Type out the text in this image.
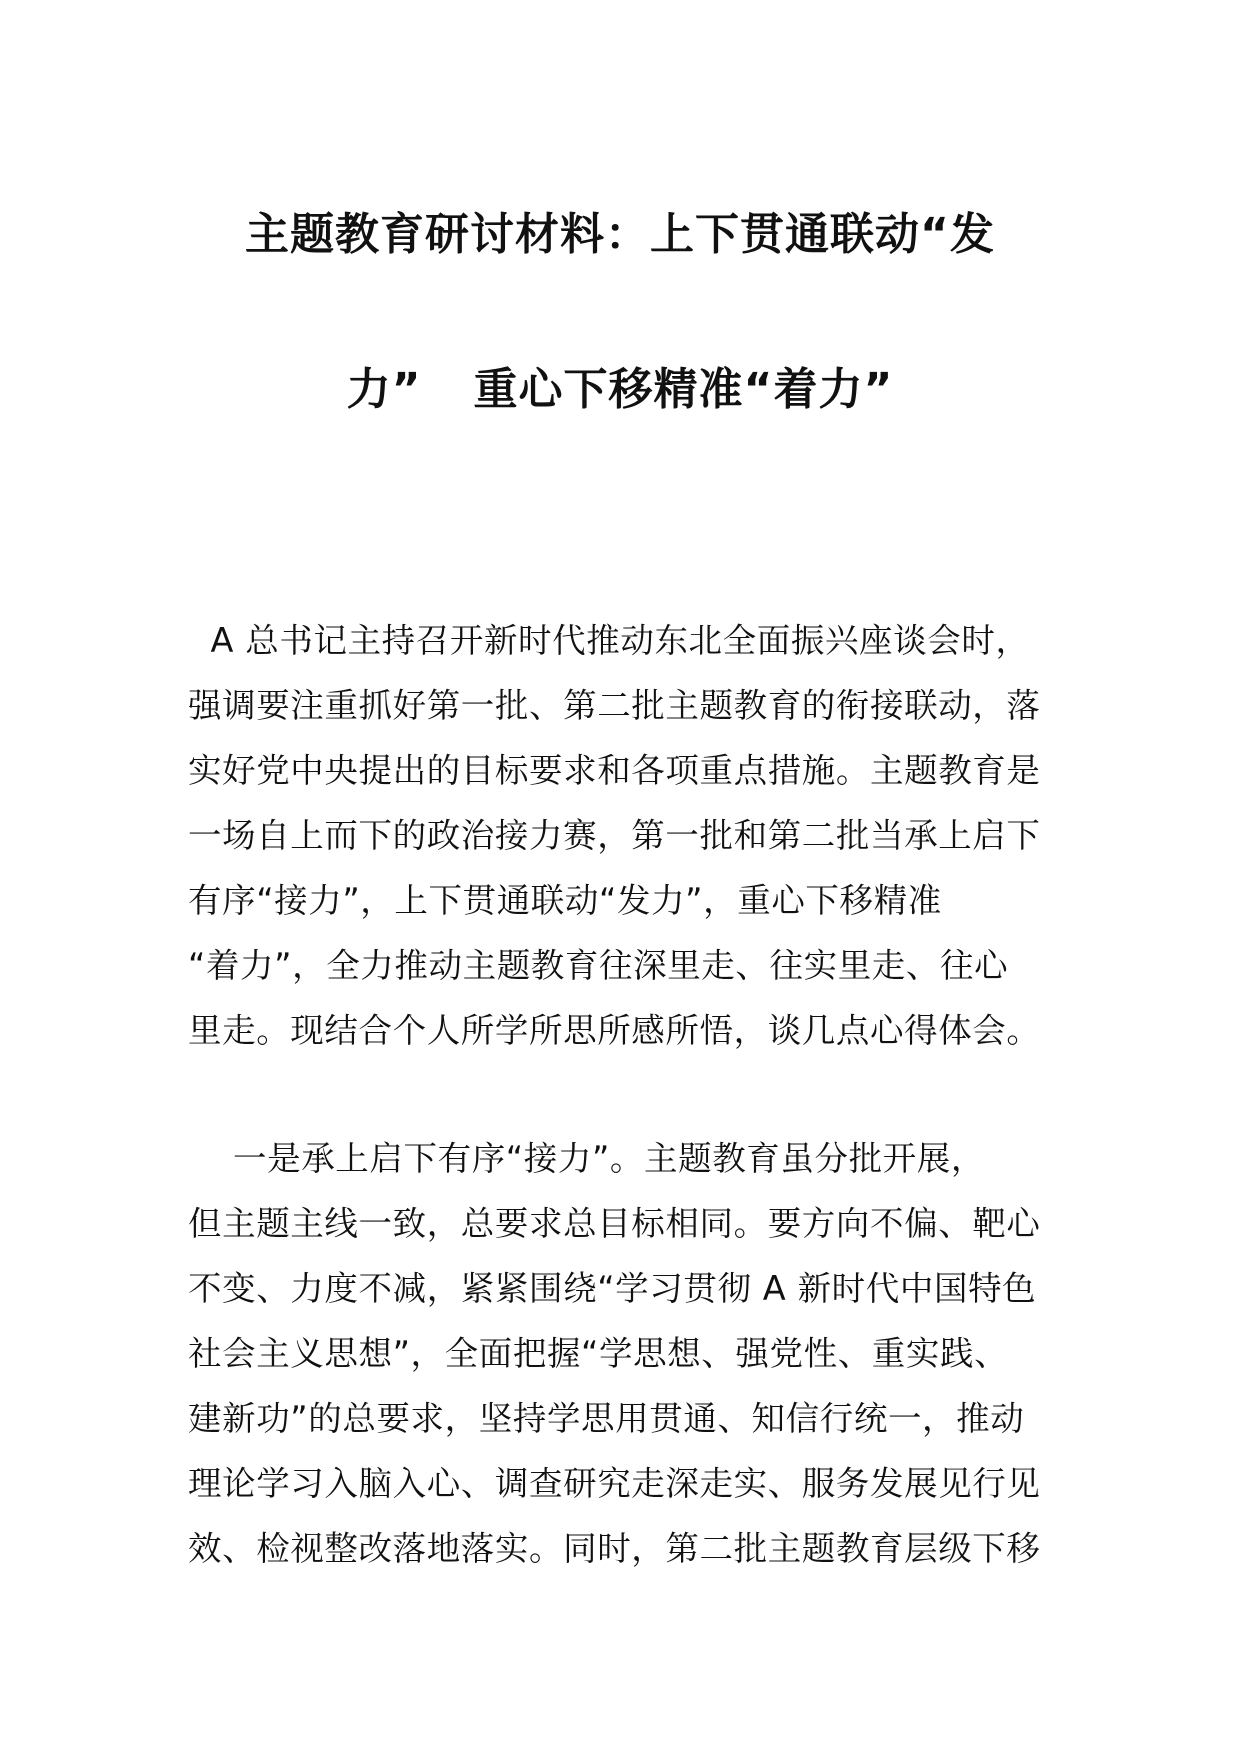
主题教育研讨材料：上下贯通联动“发
力” 重心下移精准“着力”
A 总书记主持召开新时代推动东北全面振兴座谈会时，
强调要注重抓好第一批、第二批主题教育的衔接联动，落
实好党中央提出的目标要求和各项重点措施。主题教育是
一场自上而下的政治接力赛，第一批和第二批当承上启下
有序“接力”，上下贯通联动“发力”，重心下移精准
“着力”，全力推动主题教育往深里走、往实里走、往心
里走。现结合个人所学所思所感所悟，谈几点心得体会。
一是承上启下有序“接力”。主题教育虽分批开展，
但主题主线一致，总要求总目标相同。要方向不偏、靶心
不变、力度不减，紧紧围绕“学习贯彻 A 新时代中国特色
社会主义思想”，全面把握“学思想、强党性、重实践、
建新功”的总要求，坚持学思用贯通、知信行统一，推动
理论学习入脑入心、调查研究走深走实、服务发展见行见
效、检视整改落地落实。同时，第二批主题教育层级下移
